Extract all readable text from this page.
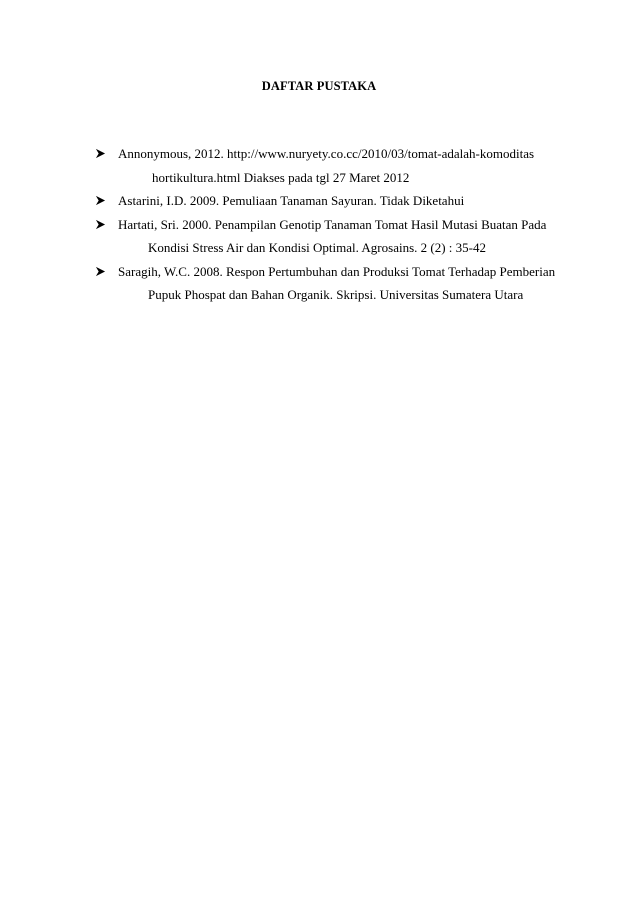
DAFTAR PUSTAKA
Annonymous, 2012. http://www.nuryety.co.cc/2010/03/tomat-adalah-komoditas
hortikultura.html Diakses pada tgl 27 Maret 2012
Astarini, I.D. 2009. Pemuliaan Tanaman Sayuran. Tidak Diketahui
Hartati, Sri. 2000. Penampilan Genotip Tanaman Tomat Hasil Mutasi Buatan Pada
Kondisi Stress Air dan Kondisi Optimal. Agrosains. 2 (2) : 35-42
Saragih, W.C. 2008. Respon Pertumbuhan dan Produksi Tomat Terhadap Pemberian
Pupuk Phospat dan Bahan Organik. Skripsi. Universitas Sumatera Utara
